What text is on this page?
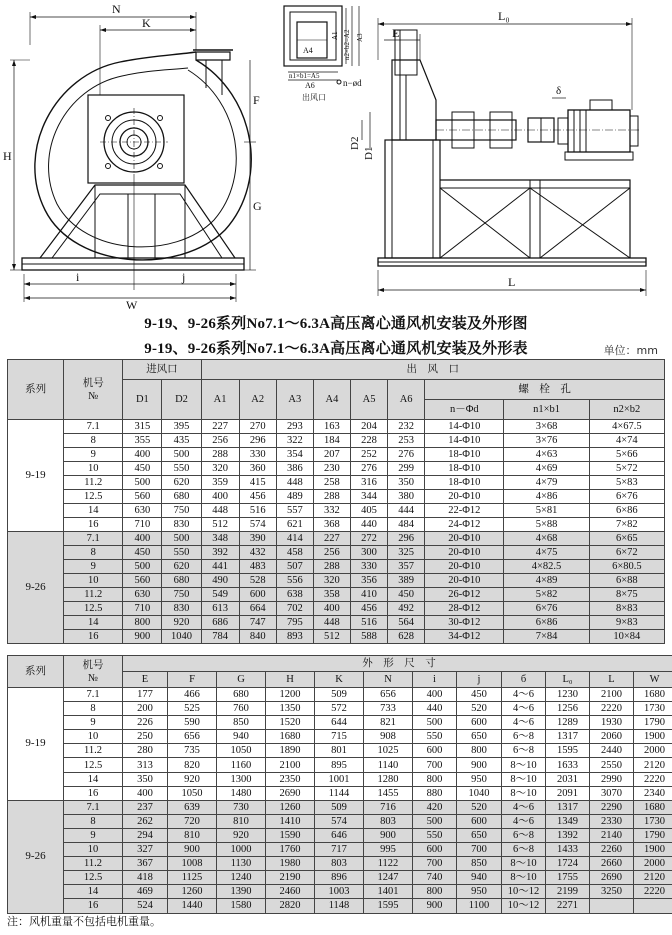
N
K
F
G
H
i	j
W
L₀
E
δ
D1
D2
L
A4
A6
n2×b2=A2
A1 A3
n1×b1=A5
n−ød
出风口
9-19、9-26系列No7.1～6.3A高压离心通风机安装及外形图
9-19、9-26系列No7.1～6.3A高压离心通风机安装及外形表	单位：mm
系列	机号
№	进风口		出　风　口								
		D1	D2	A1	A2	A3	A4	A5	A6	螺　栓　孔		
										n－Φd	n1×b1	n2×b2
9-19	7.1	315	395	227	270	293	163	204	232	14-Φ10	3×68	4×67.5
	8	355	435	256	296	322	184	228	253	14-Φ10	3×76	4×74
	9	400	500	288	330	354	207	252	276	18-Φ10	4×63	5×66
	10	450	550	320	360	386	230	276	299	18-Φ10	4×69	5×72
	11.2	500	620	359	415	448	258	316	350	18-Φ10	4×79	5×83
	12.5	560	680	400	456	489	288	344	380	20-Φ10	4×86	6×76
	14	630	750	448	516	557	332	405	444	22-Φ12	5×81	6×86
	16	710	830	512	574	621	368	440	484	24-Φ12	5×88	7×82
9-26	7.1	400	500	348	390	414	227	272	296	20-Φ10	4×68	6×65
	8	450	550	392	432	458	256	300	325	20-Φ10	4×75	6×72
	9	500	620	441	483	507	288	330	357	20-Φ10	4×82.5	6×80.5
	10	560	680	490	528	556	320	356	389	20-Φ10	4×89	6×88
	11.2	630	750	549	600	638	358	410	450	26-Φ12	5×82	8×75
	12.5	710	830	613	664	702	400	456	492	28-Φ12	6×76	8×83
	14	800	920	686	747	795	448	516	564	30-Φ12	6×86	9×83
	16	900	1040	784	840	893	512	588	628	34-Φ12	7×84	10×84
系列	机号
№	外　形　尺　寸											
		E	F	G	H	K	N	i	j	б	L₀	L	W
9-19	7.1	177	466	680	1200	509	656	400	450	4～6	1230	2100	1680
	8	200	525	760	1350	572	733	440	520	4～6	1256	2220	1730
	9	226	590	850	1520	644	821	500	600	4～6	1289	1930	1790
	10	250	656	940	1680	715	908	550	650	6～8	1317	2060	1900
	11.2	280	735	1050	1890	801	1025	600	800	6～8	1595	2440	2000
	12.5	313	820	1160	2100	895	1140	700	900	8～10	1633	2550	2120
	14	350	920	1300	2350	1001	1280	800	950	8～10	2031	2990	2220
	16	400	1050	1480	2690	1144	1455	880	1040	8～10	2091	3070	2340
9-26	7.1	237	639	730	1260	509	716	420	520	4～6	1317	2290	1680
	8	262	720	810	1410	574	803	500	600	4～6	1349	2330	1730
	9	294	810	920	1590	646	900	550	650	6～8	1392	2140	1790
	10	327	900	1000	1760	717	995	600	700	6～8	1433	2260	1900
	11.2	367	1008	1130	1980	803	1122	700	850	8～10	1724	2660	2000
	12.5	418	1125	1240	2190	896	1247	740	940	8～10	1755	2690	2120
	14	469	1260	1390	2460	1003	1401	800	950	10～12	2199	3250	2220
	16	524	1440	1580	2820	1148	1595	900	1100	10～12	2271		
注：风机重量不包括电机重量。
